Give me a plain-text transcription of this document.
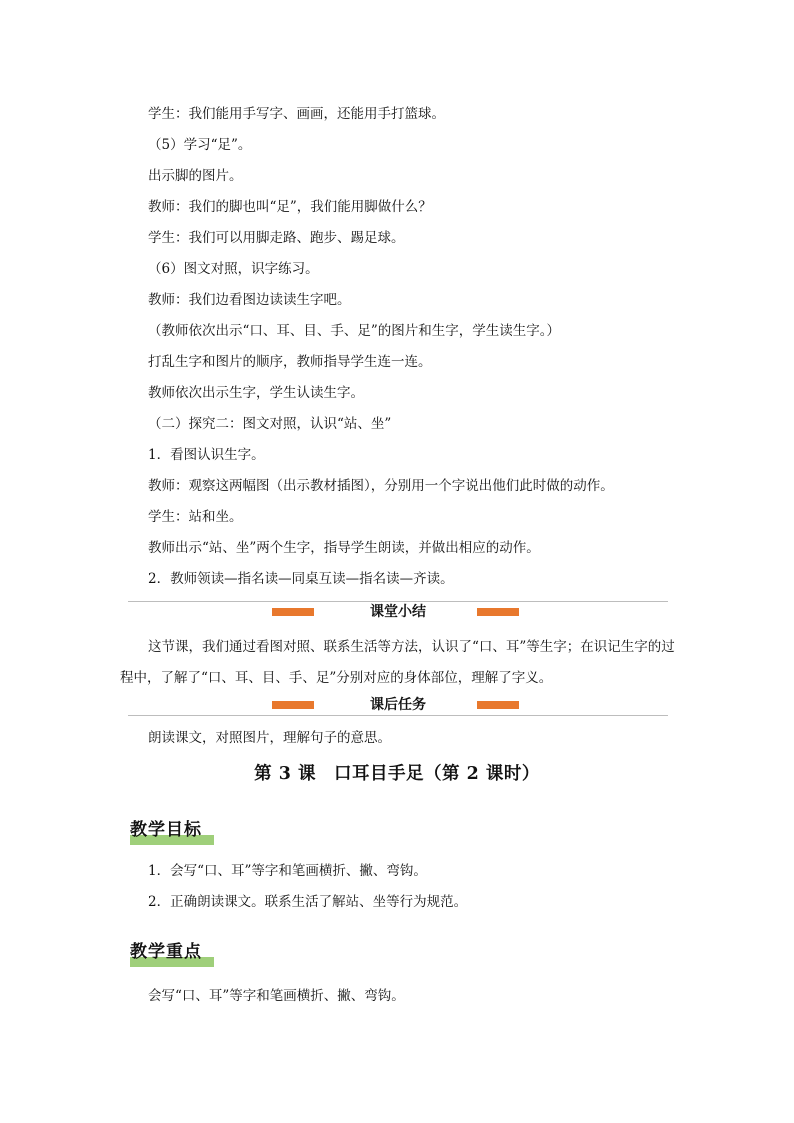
学生：我们能用手写字、画画，还能用手打篮球。
（5）学习“足”。
出示脚的图片。
教师：我们的脚也叫“足”，我们能用脚做什么？
学生：我们可以用脚走路、跑步、踢足球。
（6）图文对照，识字练习。
教师：我们边看图边读读生字吧。
（教师依次出示“口、耳、目、手、足”的图片和生字，学生读生字。）
打乱生字和图片的顺序，教师指导学生连一连。
教师依次出示生字，学生认读生字。
（二）探究二：图文对照，认识“站、坐”
1．看图认识生字。
教师：观察这两幅图（出示教材插图），分别用一个字说出他们此时做的动作。
学生：站和坐。
教师出示“站、坐”两个生字，指导学生朗读，并做出相应的动作。
2．教师领读—指名读—同桌互读—指名读—齐读。
课堂小结
这节课，我们通过看图对照、联系生活等方法，认识了“口、耳”等生字；在识记生字的过程中，了解了“口、耳、目、手、足”分别对应的身体部位，理解了字义。
课后任务
朗读课文，对照图片，理解句子的意思。
第 3 课　口耳目手足（第 2 课时）
教学目标
1．会写“口、耳”等字和笔画横折、撇、弯钩。
2．正确朗读课文。联系生活了解站、坐等行为规范。
教学重点
会写“口、耳”等字和笔画横折、撇、弯钩。
